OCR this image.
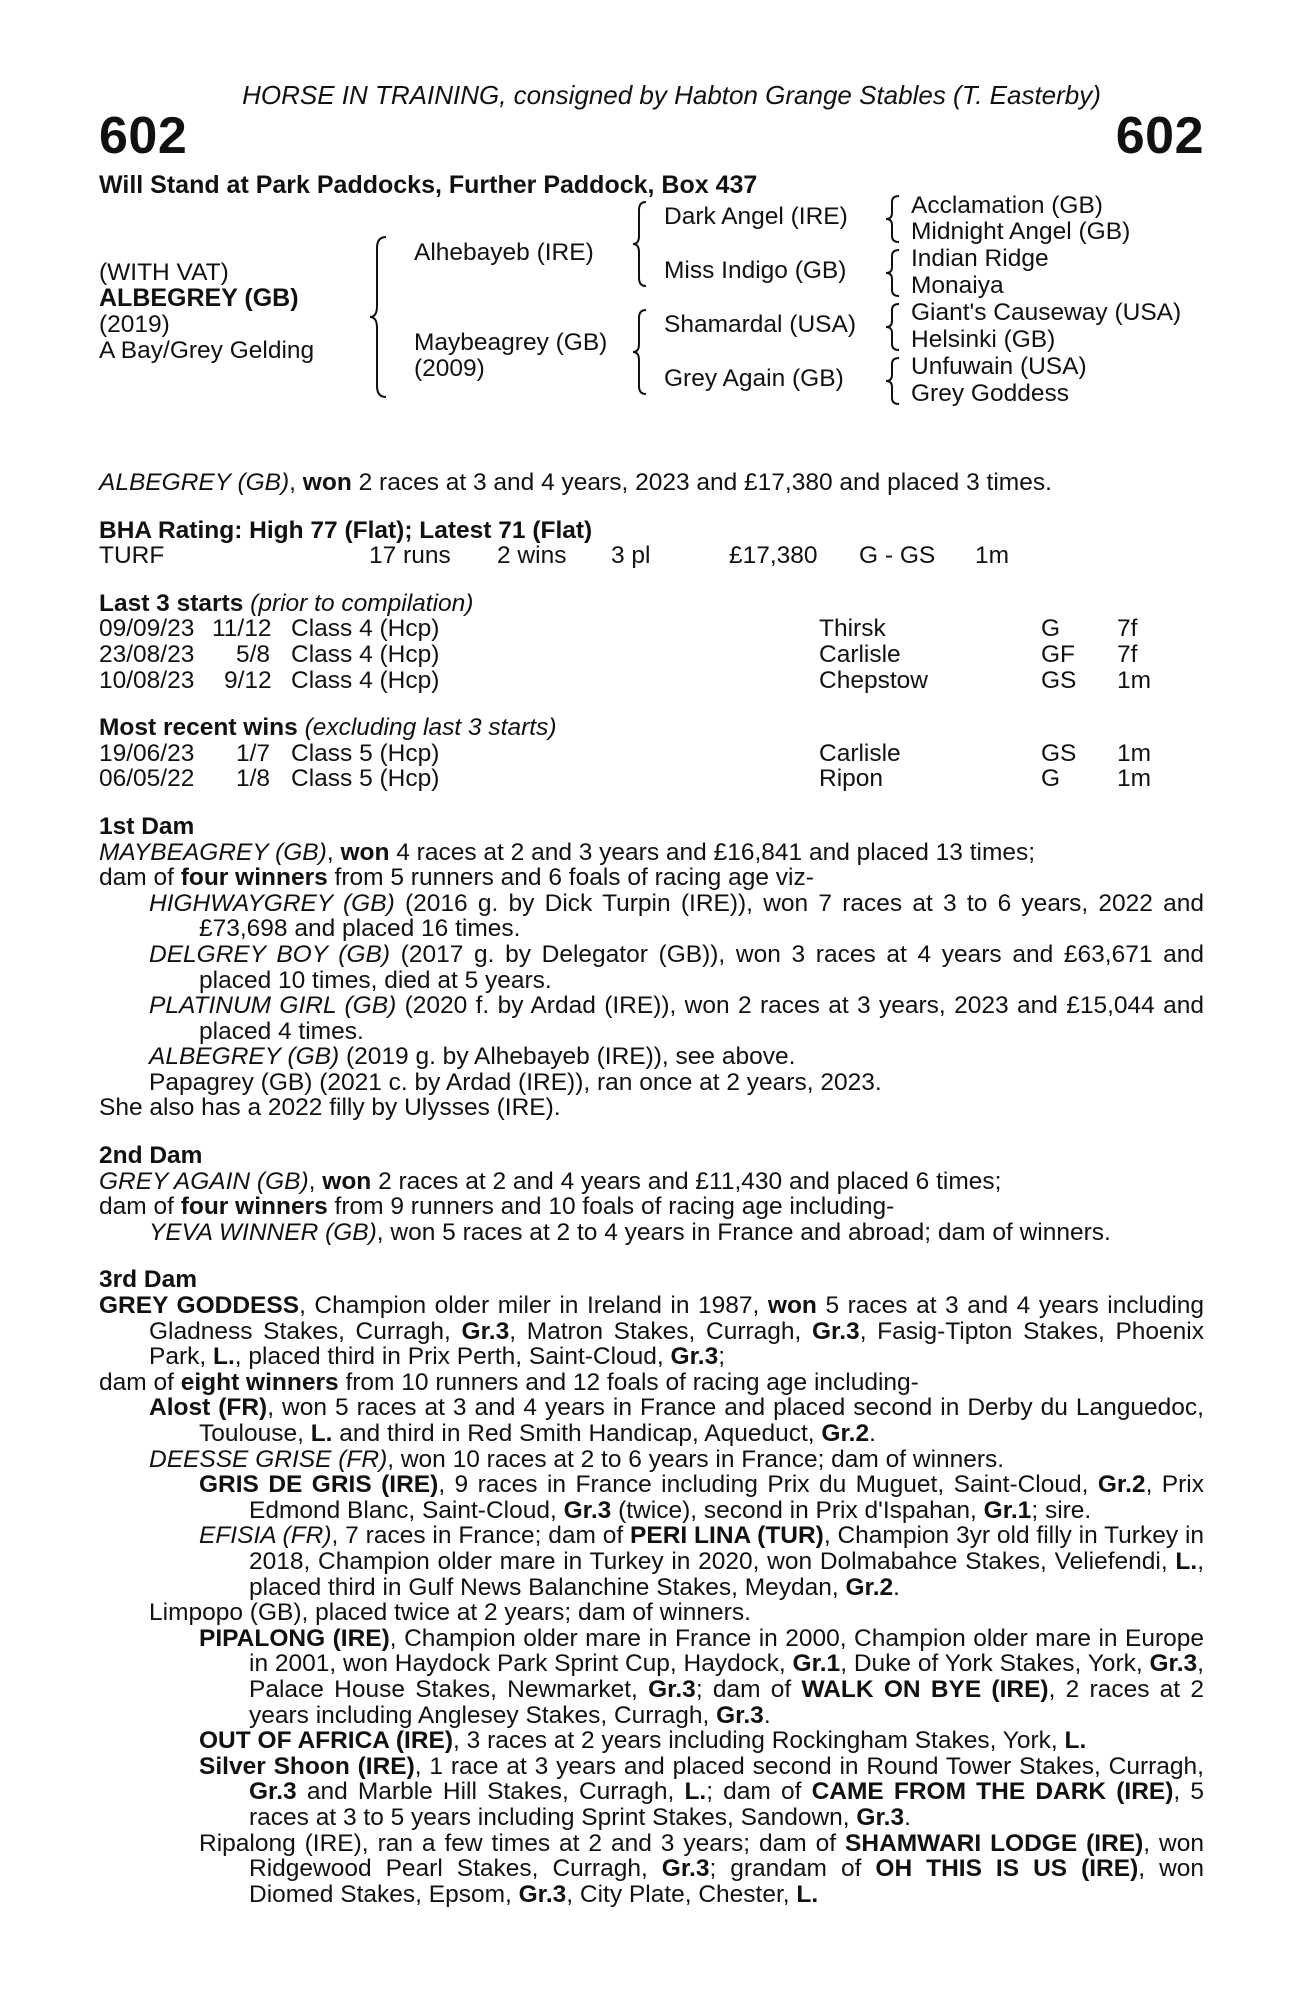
HORSE IN TRAINING, consigned by Habton Grange Stables (T. Easterby)
602	602
Will Stand at Park Paddocks, Further Paddock, Box 437
(WITH VAT)
ALBEGREY (GB)
(2019)
A Bay/Grey Gelding
Alhebayeb (IRE)
Maybeagrey (GB)
(2009)
Dark Angel (IRE)
Miss Indigo (GB)
Shamardal (USA)
Grey Again (GB)
Acclamation (GB)
Midnight Angel (GB)
Indian Ridge
Monaiya
Giant's Causeway (USA)
Helsinki (GB)
Unfuwain (USA)
Grey Goddess
ALBEGREY (GB), won 2 races at 3 and 4 years, 2023 and £17,380 and placed 3 times.
BHA Rating: High 77 (Flat); Latest 71 (Flat)
TURF	17 runs 2 wins 3 pl	£17,380 G - GS 1m
Last 3 starts (prior to compilation)
09/09/23 11/12 Class 4 (Hcp)	Thirsk	G 7f
23/08/23 5/8 Class 4 (Hcp)	Carlisle	GF 7f
10/08/23 9/12 Class 4 (Hcp)	Chepstow	GS 1m
Most recent wins (excluding last 3 starts)
19/06/23 1/7 Class 5 (Hcp)	Carlisle	GS 1m
06/05/22 1/8 Class 5 (Hcp)	Ripon	G 1m
1st Dam
MAYBEAGREY (GB), won 4 races at 2 and 3 years and £16,841 and placed 13 times;
dam of four winners from 5 runners and 6 foals of racing age viz-
HIGHWAYGREY (GB) (2016 g. by Dick Turpin (IRE)), won 7 races at 3 to 6 years, 2022 and £73,698 and placed 16 times.
DELGREY BOY (GB) (2017 g. by Delegator (GB)), won 3 races at 4 years and £63,671 and placed 10 times, died at 5 years.
PLATINUM GIRL (GB) (2020 f. by Ardad (IRE)), won 2 races at 3 years, 2023 and £15,044 and placed 4 times.
ALBEGREY (GB) (2019 g. by Alhebayeb (IRE)), see above.
Papagrey (GB) (2021 c. by Ardad (IRE)), ran once at 2 years, 2023.
She also has a 2022 filly by Ulysses (IRE).
2nd Dam
GREY AGAIN (GB), won 2 races at 2 and 4 years and £11,430 and placed 6 times;
dam of four winners from 9 runners and 10 foals of racing age including-
YEVA WINNER (GB), won 5 races at 2 to 4 years in France and abroad; dam of winners.
3rd Dam
GREY GODDESS, Champion older miler in Ireland in 1987, won 5 races at 3 and 4 years including Gladness Stakes, Curragh, Gr.3, Matron Stakes, Curragh, Gr.3, Fasig-Tipton Stakes, Phoenix Park, L., placed third in Prix Perth, Saint-Cloud, Gr.3;
dam of eight winners from 10 runners and 12 foals of racing age including-
Alost (FR), won 5 races at 3 and 4 years in France and placed second in Derby du Languedoc, Toulouse, L. and third in Red Smith Handicap, Aqueduct, Gr.2.
DEESSE GRISE (FR), won 10 races at 2 to 6 years in France; dam of winners.
GRIS DE GRIS (IRE), 9 races in France including Prix du Muguet, Saint-Cloud, Gr.2, Prix Edmond Blanc, Saint-Cloud, Gr.3 (twice), second in Prix d'Ispahan, Gr.1; sire.
EFISIA (FR), 7 races in France; dam of PERI LINA (TUR), Champion 3yr old filly in Turkey in 2018, Champion older mare in Turkey in 2020, won Dolmabahce Stakes, Veliefendi, L., placed third in Gulf News Balanchine Stakes, Meydan, Gr.2.
Limpopo (GB), placed twice at 2 years; dam of winners.
PIPALONG (IRE), Champion older mare in France in 2000, Champion older mare in Europe in 2001, won Haydock Park Sprint Cup, Haydock, Gr.1, Duke of York Stakes, York, Gr.3, Palace House Stakes, Newmarket, Gr.3; dam of WALK ON BYE (IRE), 2 races at 2 years including Anglesey Stakes, Curragh, Gr.3.
OUT OF AFRICA (IRE), 3 races at 2 years including Rockingham Stakes, York, L.
Silver Shoon (IRE), 1 race at 3 years and placed second in Round Tower Stakes, Curragh, Gr.3 and Marble Hill Stakes, Curragh, L.; dam of CAME FROM THE DARK (IRE), 5 races at 3 to 5 years including Sprint Stakes, Sandown, Gr.3.
Ripalong (IRE), ran a few times at 2 and 3 years; dam of SHAMWARI LODGE (IRE), won Ridgewood Pearl Stakes, Curragh, Gr.3; grandam of OH THIS IS US (IRE), won Diomed Stakes, Epsom, Gr.3, City Plate, Chester, L.
